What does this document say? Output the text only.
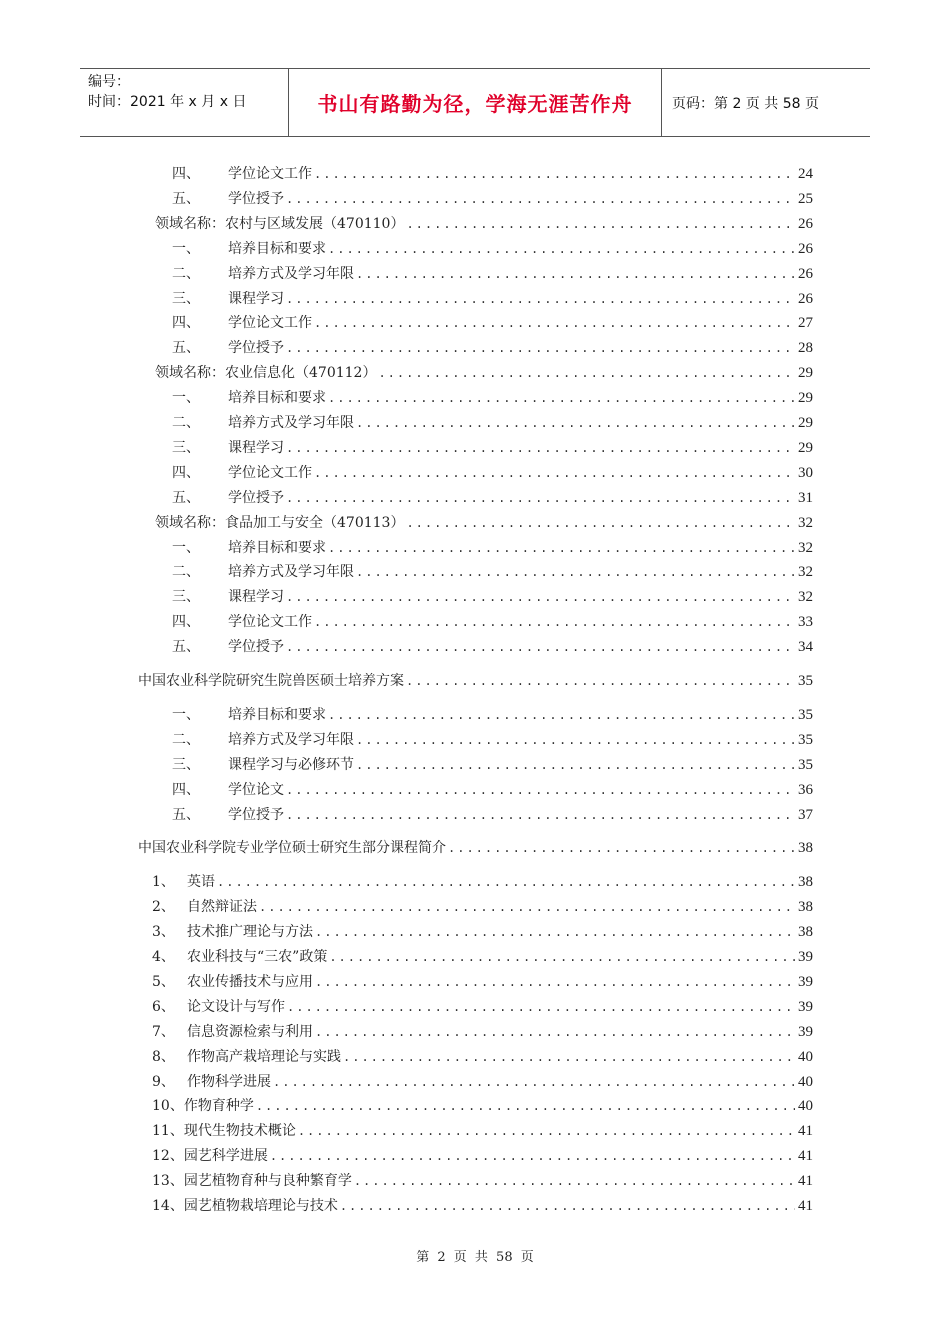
编号：
时间：2021 年 x 月 x 日	书山有路勤为径，学海无涯苦作舟	页码：第 2 页 共 58 页
四、	学位论文工作 .....	24
五、	学位授予 .....	25
领域名称：农村与区域发展（470110） .....	26
一、	培养目标和要求 .....	26
二、	培养方式及学习年限 .....	26
三、	课程学习 .....	26
四、	学位论文工作 .....	27
五、	学位授予 .....	28
领域名称：农业信息化（470112） .....	29
一、	培养目标和要求 .....	29
二、	培养方式及学习年限 .....	29
三、	课程学习 .....	29
四、	学位论文工作 .....	30
五、	学位授予 .....	31
领域名称：食品加工与安全（470113） .....	32
一、	培养目标和要求 .....	32
二、	培养方式及学习年限 .....	32
三、	课程学习 .....	32
四、	学位论文工作 .....	33
五、	学位授予 .....	34
中国农业科学院研究生院兽医硕士培养方案 .....	35
一、	培养目标和要求 .....	35
二、	培养方式及学习年限 .....	35
三、	课程学习与必修环节 .....	35
四、	学位论文 .....	36
五、	学位授予 .....	37
中国农业科学院专业学位硕士研究生部分课程简介 .....	38
1、 英语 .....	38
2、 自然辩证法 .....	38
3、 技术推广理论与方法 .....	38
4、 农业科技与“三农”政策 .....	39
5、 农业传播技术与应用 .....	39
6、 论文设计与写作 .....	39
7、 信息资源检索与利用 .....	39
8、 作物高产栽培理论与实践 .....	40
9、 作物科学进展 .....	40
10、作物育种学 .....	40
11、现代生物技术概论 .....	41
12、园艺科学进展 .....	41
13、园艺植物育种与良种繁育学 .....	41
14、园艺植物栽培理论与技术 .....	41
第 2 页 共 58 页
